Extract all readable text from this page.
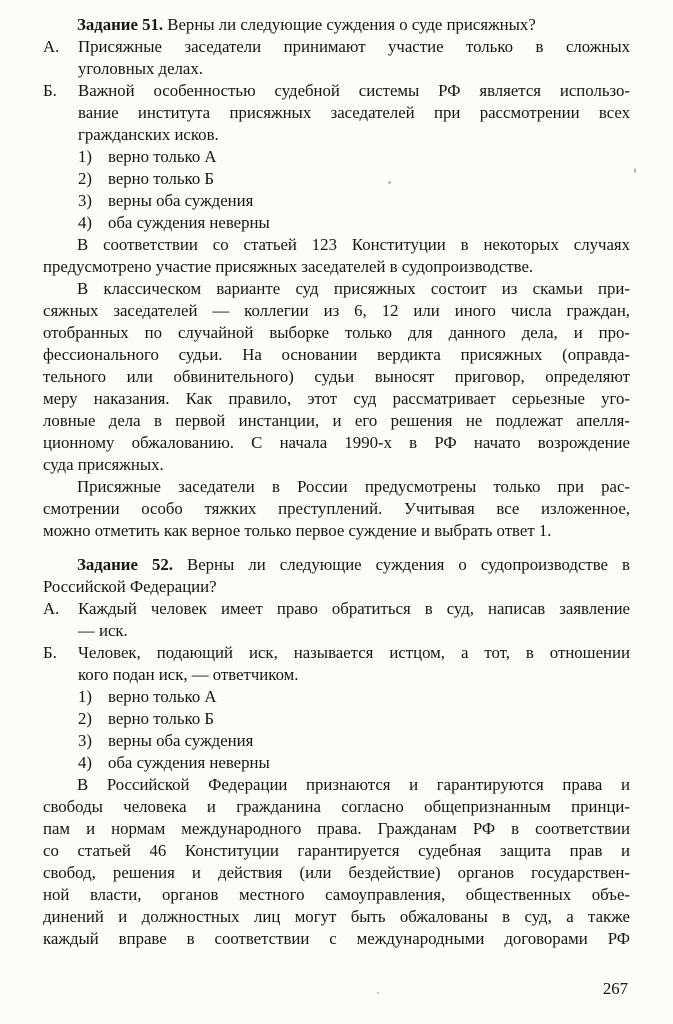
Задание 51. Верны ли следующие суждения о суде присяжных?
А. Присяжные заседатели принимают участие только в сложных
уголовных делах.
Б. Важной особенностью судебной системы РФ является использо-
вание института присяжных заседателей при рассмотрении всех
гражданских исков.
1) верно только А
2) верно только Б
3) верны оба суждения
4) оба суждения неверны
В соответствии со статьей 123 Конституции в некоторых случаях
предусмотрено участие присяжных заседателей в судопроизводстве.
В классическом варианте суд присяжных состоит из скамьи при-
сяжных заседателей — коллегии из 6, 12 или иного числа граждан,
отобранных по случайной выборке только для данного дела, и про-
фессионального судьи. На основании вердикта присяжных (оправда-
тельного или обвинительного) судьи выносят приговор, определяют
меру наказания. Как правило, этот суд рассматривает серьезные уго-
ловные дела в первой инстанции, и его решения не подлежат апелля-
ционному обжалованию. С начала 1990-х в РФ начато возрождение
суда присяжных.
Присяжные заседатели в России предусмотрены только при рас-
смотрении особо тяжких преступлений. Учитывая все изложенное,
можно отметить как верное только первое суждение и выбрать ответ 1.
Задание 52. Верны ли следующие суждения о судопроизводстве в
Российской Федерации?
А. Каждый человек имеет право обратиться в суд, написав заявление
— иск.
Б. Человек, подающий иск, называется истцом, а тот, в отношении
кого подан иск, — ответчиком.
1) верно только А
2) верно только Б
3) верны оба суждения
4) оба суждения неверны
В Российской Федерации признаются и гарантируются права и
свободы человека и гражданина согласно общепризнанным принци-
пам и нормам международного права. Гражданам РФ в соответствии
со статьей 46 Конституции гарантируется судебная защита прав и
свобод, решения и действия (или бездействие) органов государствен-
ной власти, органов местного самоуправления, общественных объе-
динений и должностных лиц могут быть обжалованы в суд, а также
каждый вправе в соответствии с международными договорами РФ
267
